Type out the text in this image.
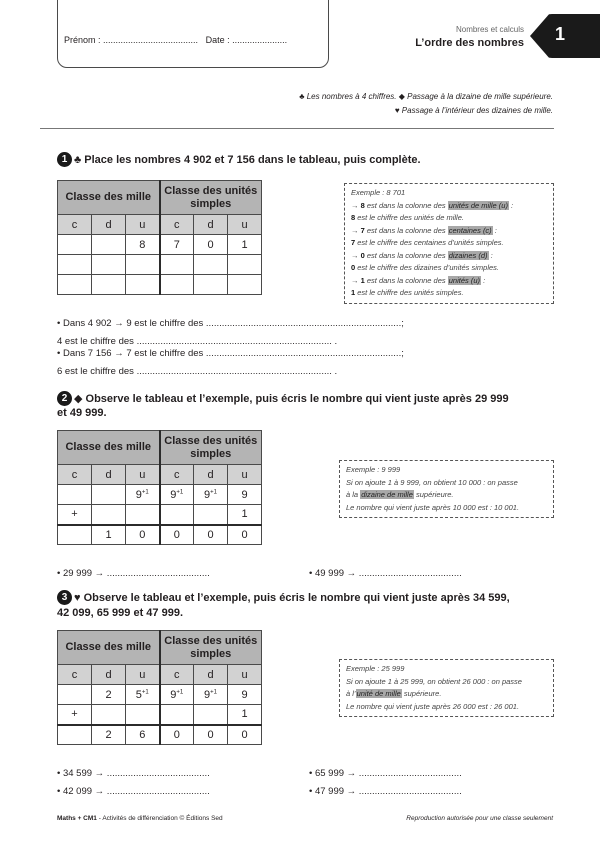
Prénom : ...................................... Date : ......................
Nombres et calculs
L’ordre des nombres 1
♣ Les nombres à 4 chiffres. ◆ Passage à la dizaine de mille supérieure.
♥ Passage à l’intérieur des dizaines de mille.
1 ♣ Place les nombres 4 902 et 7 156 dans le tableau, puis complète.
Classe des mille			Classe des unités simples		
c	d	u	c	d	u
		8	7	0	1

Exemple : 8 701
→ 8 est dans la colonne des unités de mille (u) :
8 est le chiffre des unités de mille.
→ 7 est dans la colonne des centaines (c) :
7 est le chiffre des centaines d’unités simples.
→ 0 est dans la colonne des dizaines (d) :
0 est le chiffre des dizaines d’unités simples.
→ 1 est dans la colonne des unités (u) :
1 est le chiffre des unités simples.
• Dans 4 902 → 9 est le chiffre des ..........................................................................;
4 est le chiffre des .......................................................................... .
• Dans 7 156 → 7 est le chiffre des ..........................................................................;
6 est le chiffre des .......................................................................... .
2 ◆ Observe le tableau et l’exemple, puis écris le nombre qui vient juste après 29 999
et 49 999.
Classe des mille			Classe des unités simples		
c	d	u	c	d	u
		$9^{+1}$	$9^{+1}$	$9^{+1}$	9
+					1
	1	0	0	0	0
Exemple : 9 999
Si on ajoute 1 à 9 999, on obtient 10 000 : on passe
à la dizaine de mille supérieure.
Le nombre qui vient juste après 10 000 est : 10 001.
• 29 999 → .......................................	• 49 999 → .......................................
3 ♥ Observe le tableau et l’exemple, puis écris le nombre qui vient juste après 34 599,
42 099, 65 999 et 47 999.
Classe des mille			Classe des unités simples		
c	d	u	c	d	u
	2	$5^{+1}$	$9^{+1}$	$9^{+1}$	9
+					1
	2	6	0	0	0
Exemple : 25 999
Si on ajoute 1 à 25 999, on obtient 26 000 : on passe
à l’unité de mille supérieure.
Le nombre qui vient juste après 26 000 est : 26 001.
• 34 599 → .......................................	• 65 999 → .......................................
• 42 099 → .......................................	• 47 999 → .......................................
Maths + CM1 - Activités de différenciation © Éditions Sed	Reproduction autorisée pour une classe seulement
